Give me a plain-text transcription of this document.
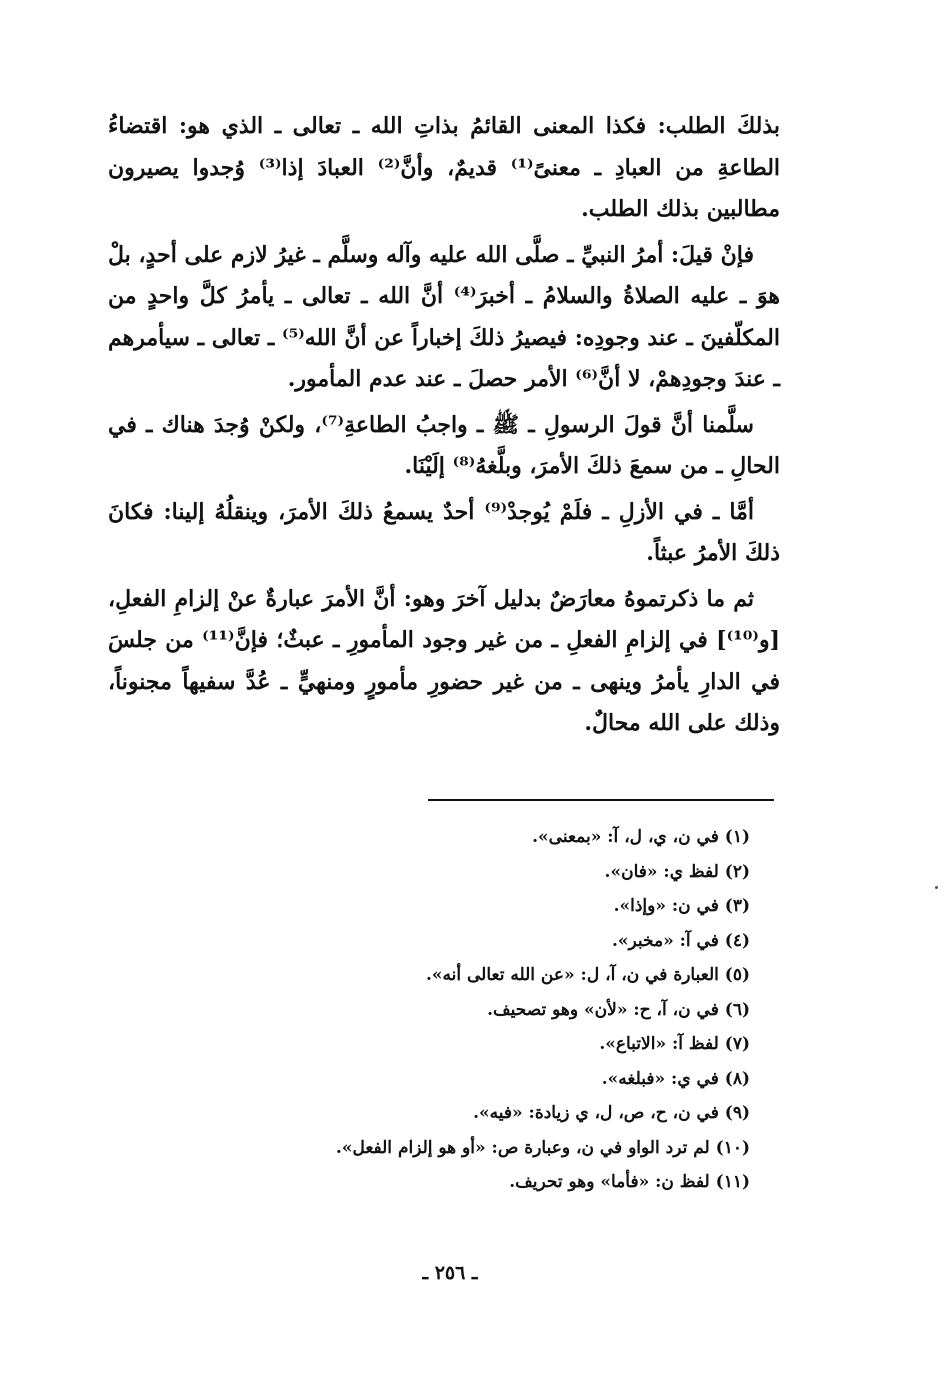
بذلكَ الطلب: فكذا المعنى القائمُ بذاتِ الله ـ تعالى ـ الذي هو: اقتضاءُ الطاعةِ من العبادِ ـ معنىً⁽¹⁾ قديمٌ، وأنَّ⁽²⁾ العبادَ إذا⁽³⁾ وُجدوا يصيرون مطالبين بذلك الطلب.

فإنْ قيلَ: أمرُ النبيِّ ـ صلَّى الله عليه وآله وسلَّم ـ غيرُ لازم على أحدٍ، بلْ هوَ ـ عليه الصلاةُ والسلامُ ـ أخبرَ⁽⁴⁾ أنَّ الله ـ تعالى ـ يأمرُ كلَّ واحدٍ من المكلّفينَ ـ عند وجودِه: فيصيرُ ذلكَ إخباراً عن أنَّ الله⁽⁵⁾ ـ تعالى ـ سيأمرهم ـ عندَ وجودِهمْ، لا أنَّ⁽⁶⁾ الأمر حصلَ ـ عند عدم المأمور.

سلَّمنا أنَّ قولَ الرسولِ ـ ﷺ ـ واجبُ الطاعةِ⁽⁷⁾، ولكنْ وُجدَ هناك ـ في الحالِ ـ من سمعَ ذلكَ الأمرَ، وبلَّغهُ⁽⁸⁾ إلَيْنَا.

أمَّا ـ في الأزلِ ـ فلَمْ يُوجدْ⁽⁹⁾ أحدٌ يسمعُ ذلكَ الأمرَ، وينقلُهُ إلينا: فكانَ ذلكَ الأمرُ عبثاً.

ثم ما ذكرتموهُ معارَضٌ بدليل آخرَ وهو: أنَّ الأمرَ عبارةٌ عنْ إلزامِ الفعلِ، [و⁽¹⁰⁾] في إلزامِ الفعلِ ـ من غير وجود المأمورِ ـ عبثٌ؛ فإنَّ⁽¹¹⁾ من جلسَ في الدارِ يأمرُ وينهى ـ من غير حضورِ مأمورٍ ومنهيٍّ ـ عُدَّ سفيهاً مجنوناً، وذلك على الله محالٌ.

(١) في ن، ي، ل، آ: «بمعنى».

(٢) لفظ ي: «فان».

(٣) في ن: «وإذا».

(٤) في آ: «مخبر».

(٥) العبارة في ن، آ، ل: «عن الله تعالى أنه».

(٦) في ن، آ، ح: «لأن» وهو تصحيف.

(٧) لفظ آ: «الاتباع».

(٨) في ي: «فبلغه».

(٩) في ن، ح، ص، ل، ي زيادة: «فيه».

(١٠) لم ترد الواو في ن، وعبارة ص: «أو هو إلزام الفعل».

(١١) لفظ ن: «فأما» وهو تحريف.

ـ ٢٥٦ ـ
